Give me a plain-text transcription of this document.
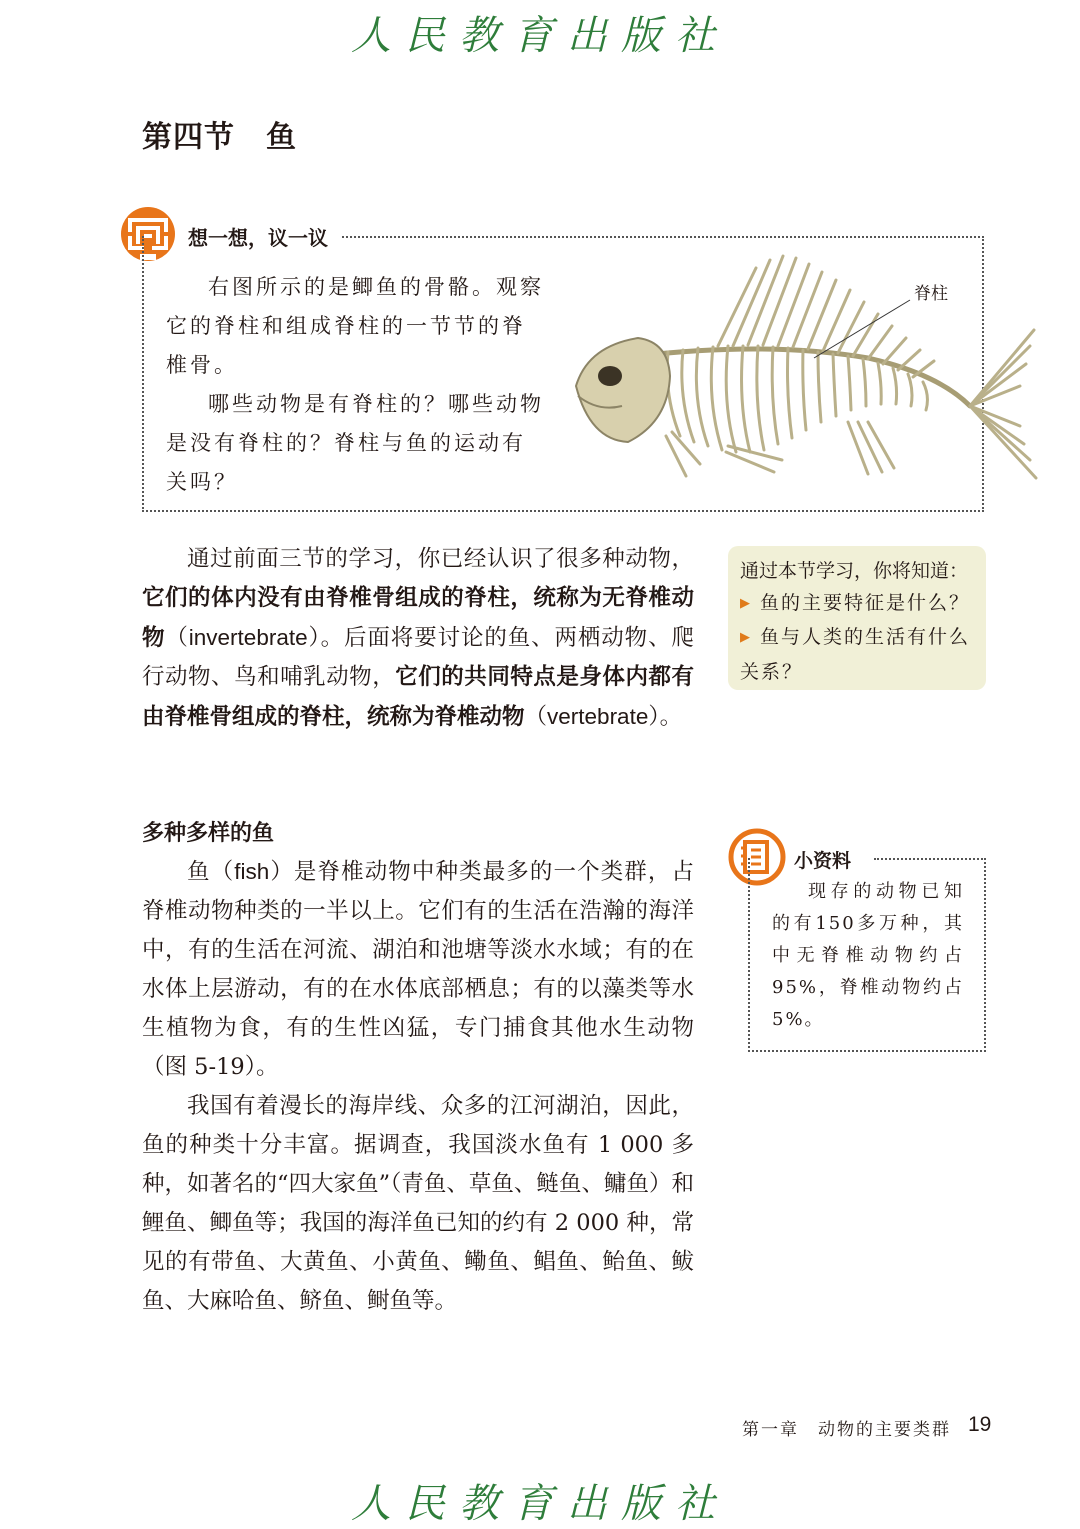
人民教育出版社
第四节　鱼
想一想，议一议

右图所示的是鲫鱼的骨骼。观察它的脊柱和组成脊柱的一节节的脊椎骨。

哪些动物是有脊柱的？哪些动物是没有脊柱的？脊柱与鱼的运动有关吗？

脊柱

通过前面三节的学习，你已经认识了很多种动物，它们的体内没有由脊椎骨组成的脊柱，统称为无脊椎动物（invertebrate）。后面将要讨论的鱼、两栖动物、爬行动物、鸟和哺乳动物，它们的共同特点是身体内都有由脊椎骨组成的脊柱，统称为脊椎动物（vertebrate）。

通过本节学习，你将知道：
▶ 鱼的主要特征是什么？
▶ 鱼与人类的生活有什么关系？
多种多样的鱼

鱼（fish）是脊椎动物中种类最多的一个类群，占脊椎动物种类的一半以上。它们有的生活在浩瀚的海洋中，有的生活在河流、湖泊和池塘等淡水水域；有的在水体上层游动，有的在水体底部栖息；有的以藻类等水生植物为食，有的生性凶猛，专门捕食其他水生动物（图 5-19）。

我国有着漫长的海岸线、众多的江河湖泊，因此，鱼的种类十分丰富。据调查，我国淡水鱼有 1 000 多种，如著名的“四大家鱼”（青鱼、草鱼、鲢鱼、鳙鱼）和鲤鱼、鲫鱼等；我国的海洋鱼已知的约有 2 000 种，常见的有带鱼、大黄鱼、小黄鱼、鳓鱼、鲳鱼、鲐鱼、鲅鱼、大麻哈鱼、鲚鱼、鲥鱼等。

小资料

现存的动物已知的有150多万种，其中无脊椎动物约占95%，脊椎动物约占5%。

第一章　动物的主要类群 19
人民教育出版社
